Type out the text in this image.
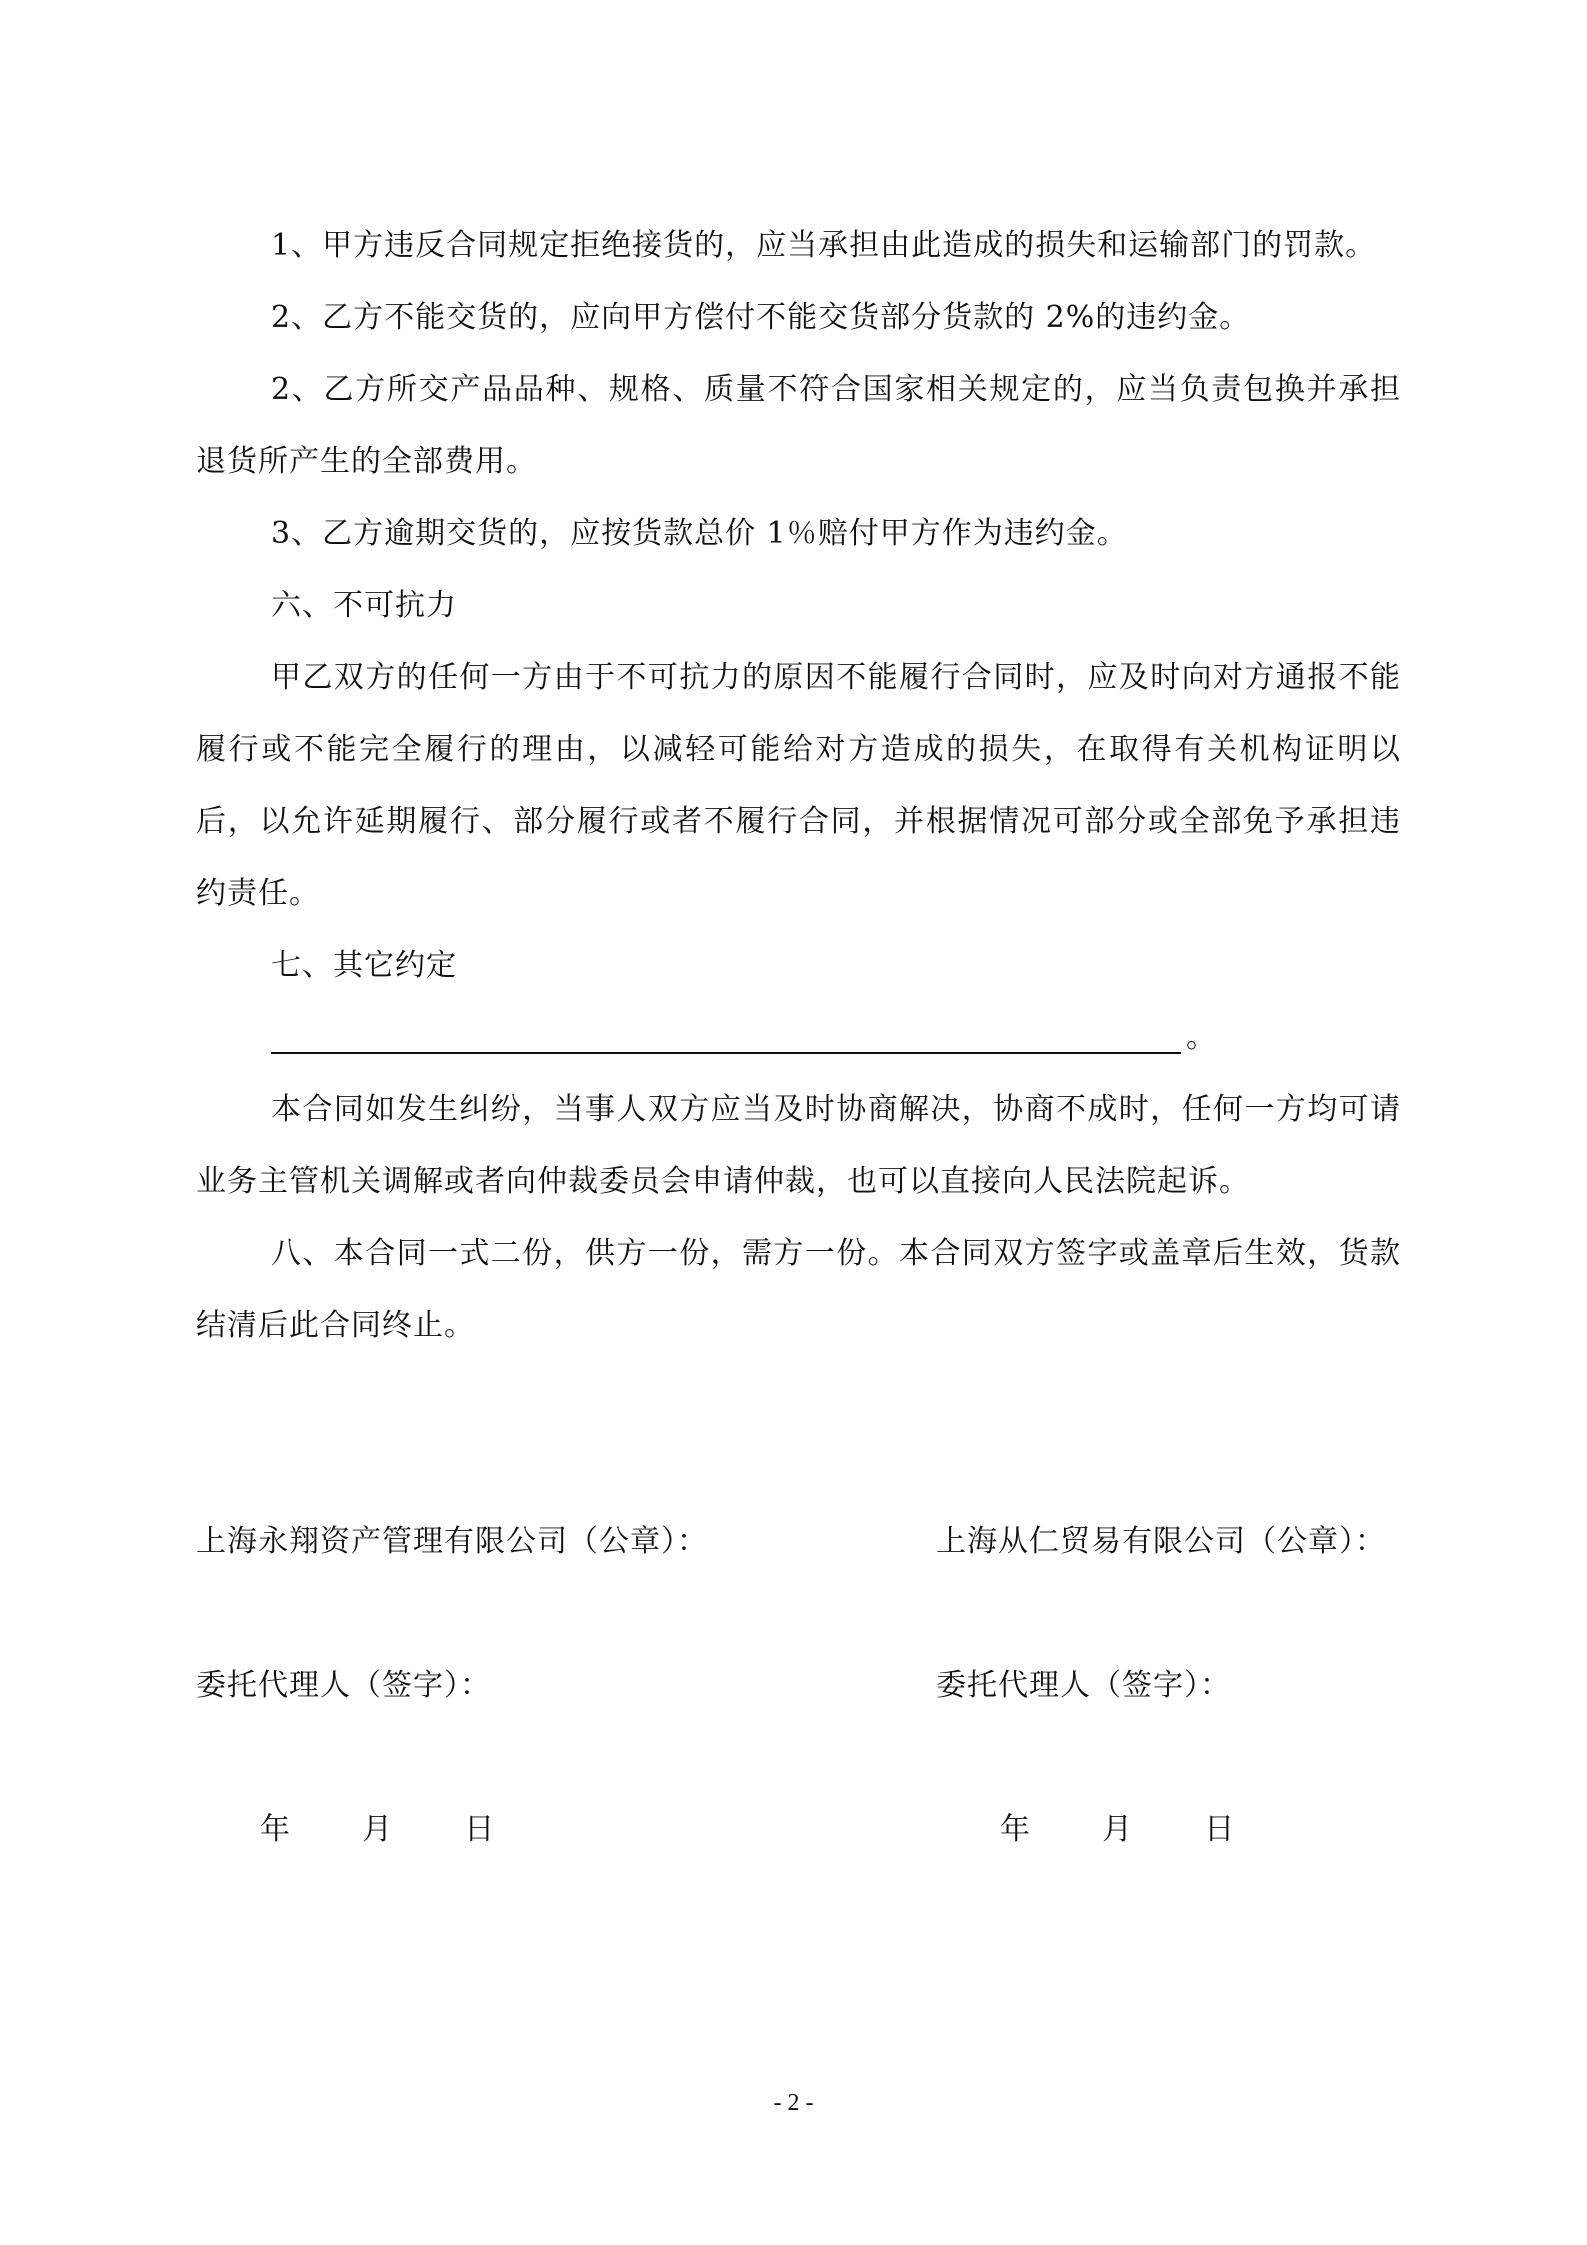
1、甲方违反合同规定拒绝接货的，应当承担由此造成的损失和运输部门的罚款。

2、乙方不能交货的，应向甲方偿付不能交货部分货款的 2%的违约金。

2、乙方所交产品品种、规格、质量不符合国家相关规定的，应当负责包换并承担退货所产生的全部费用。

3、乙方逾期交货的，应按货款总价 1％赔付甲方作为违约金。

六、不可抗力

甲乙双方的任何一方由于不可抗力的原因不能履行合同时，应及时向对方通报不能履行或不能完全履行的理由，以减轻可能给对方造成的损失，在取得有关机构证明以后，以允许延期履行、部分履行或者不履行合同，并根据情况可部分或全部免予承担违约责任。

七、其它约定

。

本合同如发生纠纷，当事人双方应当及时协商解决，协商不成时，任何一方均可请业务主管机关调解或者向仲裁委员会申请仲裁，也可以直接向人民法院起诉。

八、本合同一式二份，供方一份，需方一份。本合同双方签字或盖章后生效，货款结清后此合同终止。

上海永翔资产管理有限公司（公章）：
委托代理人（签字）：
年 月 日
上海从仁贸易有限公司（公章）：
委托代理人（签字）：
年 月 日
- 2 -
